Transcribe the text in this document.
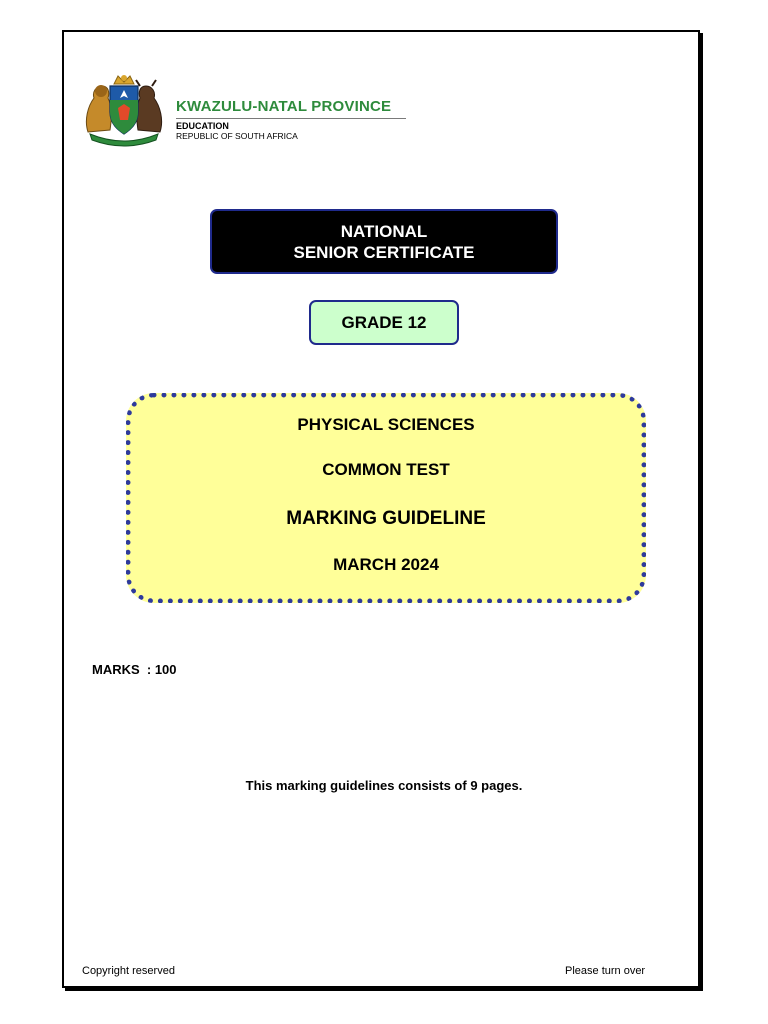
KWAZULU-NATAL PROVINCE
EDUCATION
REPUBLIC OF SOUTH AFRICA
NATIONAL
SENIOR CERTIFICATE
GRADE 12
PHYSICAL SCIENCES
COMMON TEST
MARKING GUIDELINE
MARCH 2024
MARKS  : 100
This marking guidelines consists of 9 pages.
Copyright reserved	Please turn over
